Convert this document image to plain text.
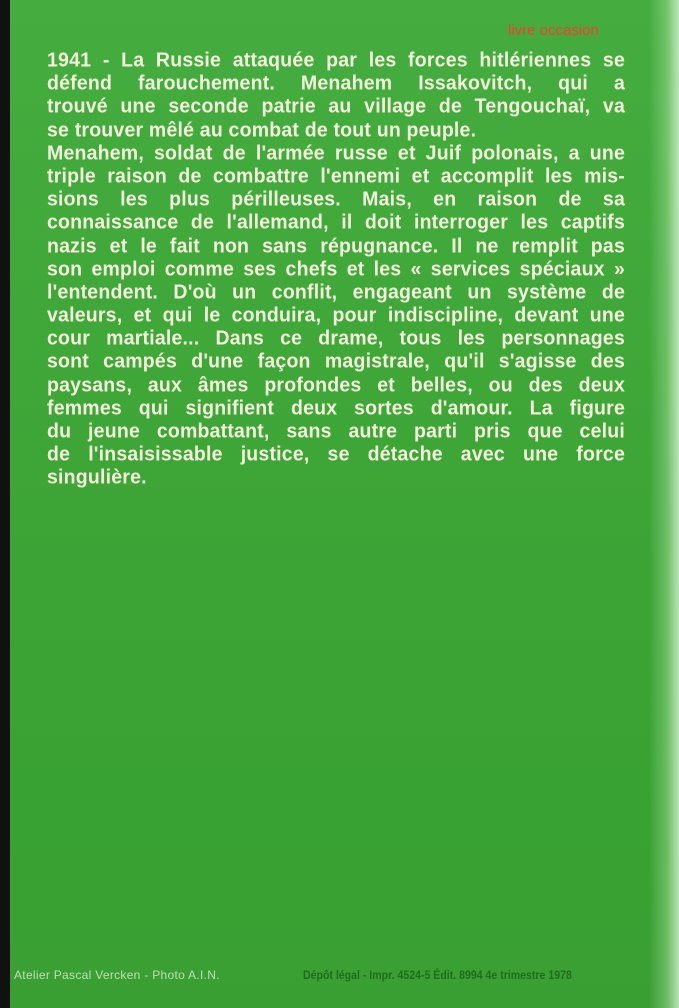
1941 - La Russie attaquée par les forces hitlériennes se
défend farouchement. Menahem Issakovitch, qui a
trouvé une seconde patrie au village de Tengouchaï, va
se trouver mêlé au combat de tout un peuple.
Menahem, soldat de l'armée russe et Juif polonais, a une
triple raison de combattre l'ennemi et accomplit les mis-
sions les plus périlleuses. Mais, en raison de sa
connaissance de l'allemand, il doit interroger les captifs
nazis et le fait non sans répugnance. Il ne remplit pas
son emploi comme ses chefs et les « services spéciaux »
l'entendent. D'où un conflit, engageant un système de
valeurs, et qui le conduira, pour indiscipline, devant une
cour martiale... Dans ce drame, tous les personnages
sont campés d'une façon magistrale, qu'il s'agisse des
paysans, aux âmes profondes et belles, ou des deux
femmes qui signifient deux sortes d'amour. La figure
du jeune combattant, sans autre parti pris que celui
de l'insaisissable justice, se détache avec une force
singulière.
livre occasion
Atelier Pascal Vercken - Photo A.I.N.	Dépôt légal - Impr. 4524-5 Édit. 8994 4e trimestre 1978
